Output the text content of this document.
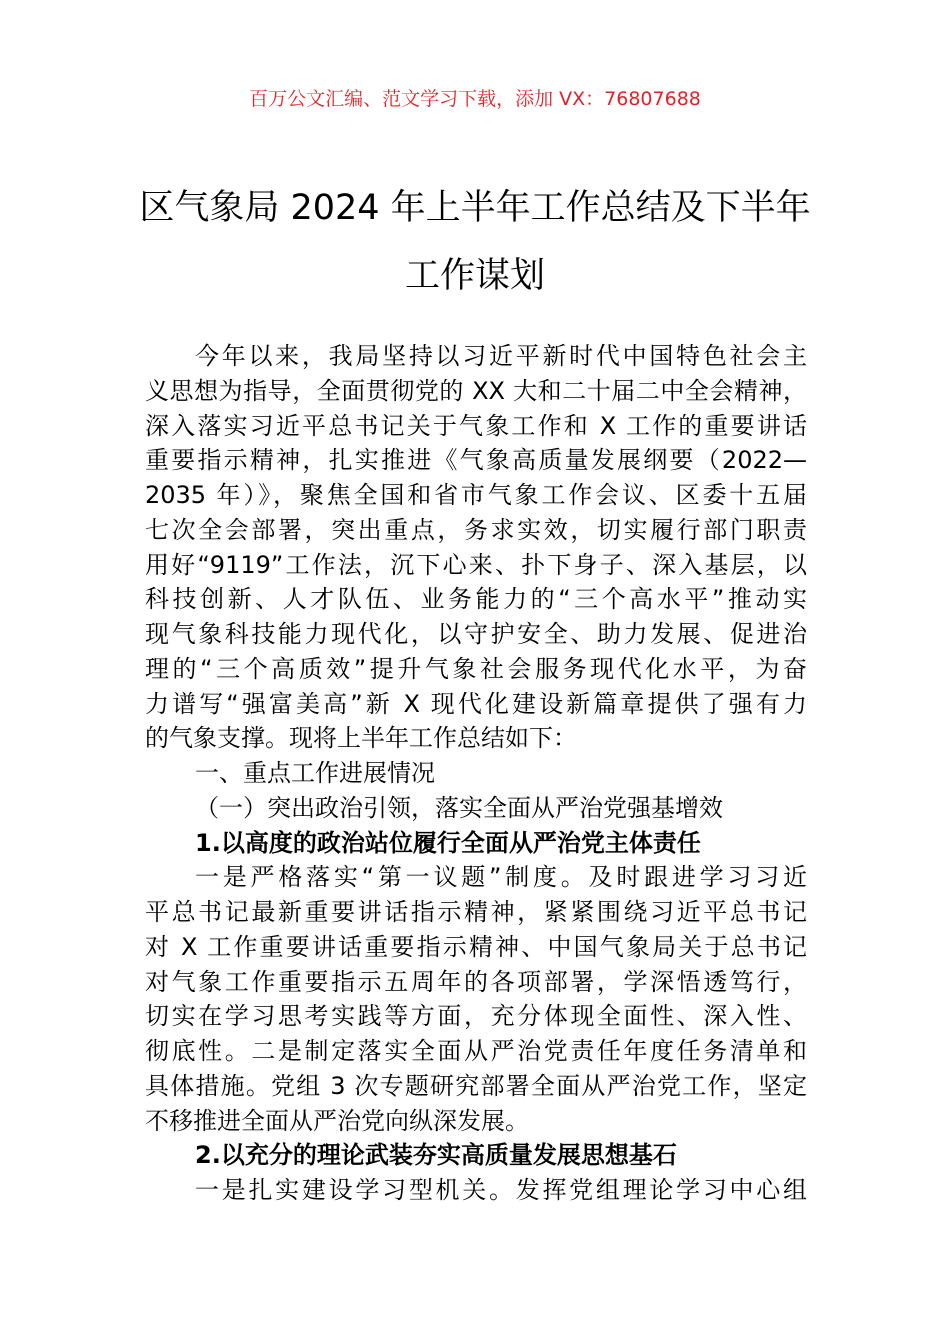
百万公文汇编、范文学习下载，添加 VX：76807688
区气象局 2024 年上半年工作总结及下半年
工作谋划
今年以来，我局坚持以习近平新时代中国特色社会主
义思想为指导，全面贯彻党的 XX 大和二十届二中全会精神，
深入落实习近平总书记关于气象工作和 X 工作的重要讲话
重要指示精神，扎实推进《气象高质量发展纲要（2022—
2035 年）》，聚焦全国和省市气象工作会议、区委十五届
七次全会部署，突出重点，务求实效，切实履行部门职责
用好“9119”工作法，沉下心来、扑下身子、深入基层，以
科技创新、人才队伍、业务能力的“三个高水平”推动实
现气象科技能力现代化，以守护安全、助力发展、促进治
理的“三个高质效”提升气象社会服务现代化水平，为奋
力谱写“强富美高”新 X 现代化建设新篇章提供了强有力
的气象支撑。现将上半年工作总结如下：
一、重点工作进展情况
（一）突出政治引领，落实全面从严治党强基增效
1.以高度的政治站位履行全面从严治党主体责任
一是严格落实“第一议题”制度。及时跟进学习习近
平总书记最新重要讲话指示精神，紧紧围绕习近平总书记
对 X 工作重要讲话重要指示精神、中国气象局关于总书记
对气象工作重要指示五周年的各项部署，学深悟透笃行，
切实在学习思考实践等方面，充分体现全面性、深入性、
彻底性。二是制定落实全面从严治党责任年度任务清单和
具体措施。党组 3 次专题研究部署全面从严治党工作，坚定
不移推进全面从严治党向纵深发展。
2.以充分的理论武装夯实高质量发展思想基石
一是扎实建设学习型机关。发挥党组理论学习中心组
